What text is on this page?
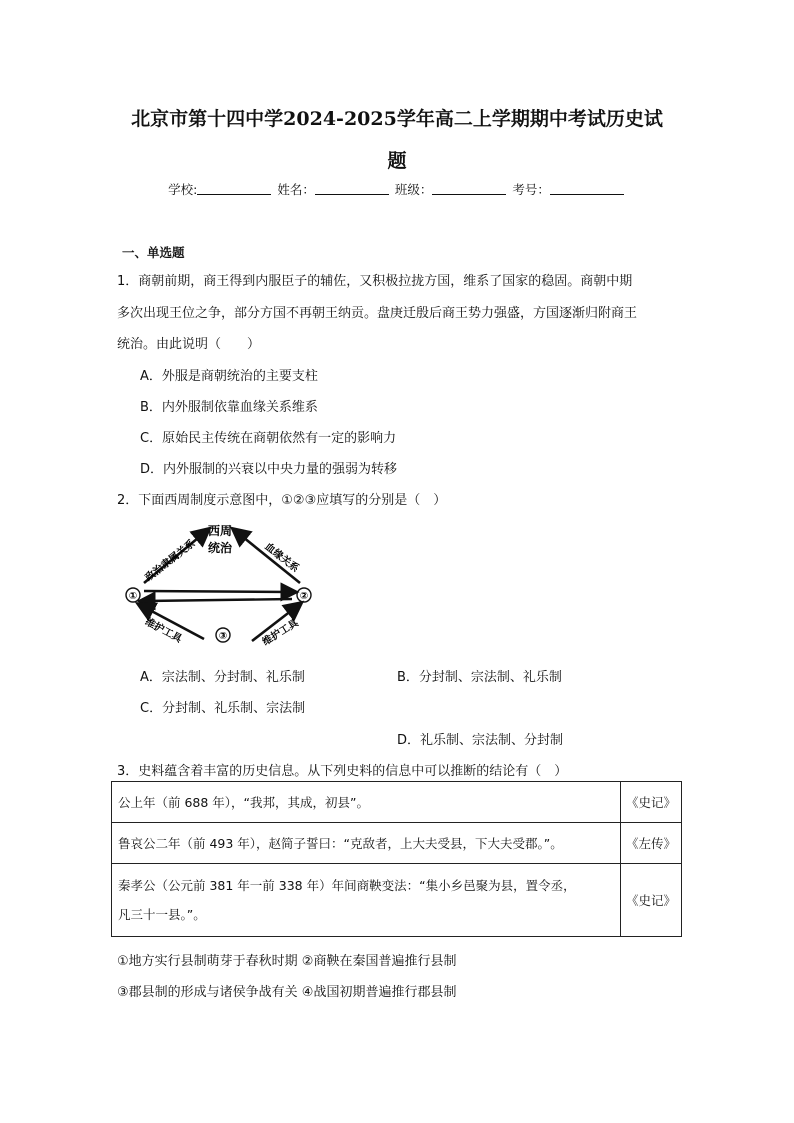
北京市第十四中学2024-2025学年高二上学期期中考试历史试
题
学校:	姓名：	班级：	考号：
一、单选题
1．商朝前期，商王得到内服臣子的辅佐，又积极拉拢方国，维系了国家的稳固。商朝中期
多次出现王位之争，部分方国不再朝王纳贡。盘庚迁殷后商王势力强盛，方国逐渐归附商王
统治。由此说明（　　）
A．外服是商朝统治的主要支柱
B．内外服制依靠血缘关系维系
C．原始民主传统在商朝依然有一定的影响力
D．内外服制的兴衰以中央力量的强弱为转移
2．下面西周制度示意图中，①②③应填写的分别是（　）
西周
统治
政治隶属关系	血缘关系
①	②
维护工具	维护工具
③
A．宗法制、分封制、礼乐制	B．分封制、宗法制、礼乐制
C．分封制、礼乐制、宗法制
D．礼乐制、宗法制、分封制
3．史料蕴含着丰富的历史信息。从下列史料的信息中可以推断的结论有（　）
公上年（前 688 年），“我邦，其成，初县”。	《史记》
鲁哀公二年（前 493 年），赵简子誓曰：“克敌者，上大夫受县，下大夫受郡。”。	《左传》

秦孝公（公元前 381 年一前 338 年）年间商鞅变法：“集小乡邑聚为县，置令丞，
凡三十一县。”。	《史记》
①地方实行县制萌芽于春秋时期 ②商鞅在秦国普遍推行县制
③郡县制的形成与诸侯争战有关 ④战国初期普遍推行郡县制
